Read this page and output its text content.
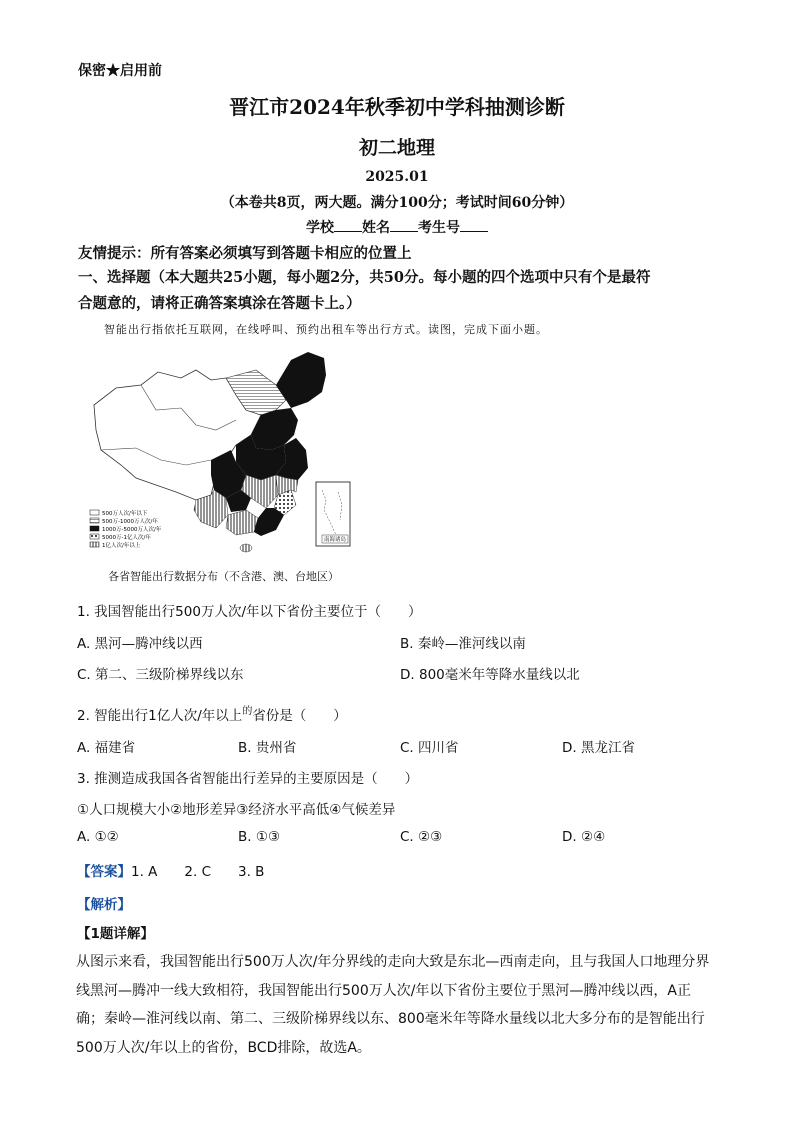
保密★启用前
晋江市2024年秋季初中学科抽测诊断
初二地理
2025.01
（本卷共8页，两大题。满分100分；考试时间60分钟）
学校 姓名 考生号
友情提示：所有答案必须填写到答题卡相应的位置上
一、选择题（本大题共25小题，每小题2分，共50分。每小题的四个选项中只有个是最符
合题意的，请将正确答案填涂在答题卡上。）
智能出行指依托互联网，在线呼叫、预约出租车等出行方式。读图，完成下面小题。
南海诸岛
500万人次/年以下
500万-1000万人次/年
1000万-5000万人次/年
5000万-1亿人次/年
1亿人次/年以上
各省智能出行数据分布（不含港、澳、台地区）
1. 我国智能出行500万人次/年以下省份主要位于（　　）
A. 黑河—腾冲线以西	B. 秦岭—淮河线以南
C. 第二、三级阶梯界线以东	D. 800毫米年等降水量线以北
2. 智能出行1亿人次/年以上$^的$省份是（　　）
A. 福建省	B. 贵州省	C. 四川省	D. 黑龙江省
3. 推测造成我国各省智能出行差异的主要原因是（　　）
①人口规模大小②地形差异③经济水平高低④气候差异
A. ①②	B. ①③	C. ②③	D. ②④
【答案】1. A　　2. C　　3. B
【解析】
【1题详解】
从图示来看，我国智能出行500万人次/年分界线的走向大致是东北—西南走向，且与我国人口地理分界线黑河—腾冲一线大致相符，我国智能出行500万人次/年以下省份主要位于黑河—腾冲线以西，A正确；秦岭—淮河线以南、第二、三级阶梯界线以东、800毫米年等降水量线以北大多分布的是智能出行500万人次/年以上的省份，BCD排除，故选A。
